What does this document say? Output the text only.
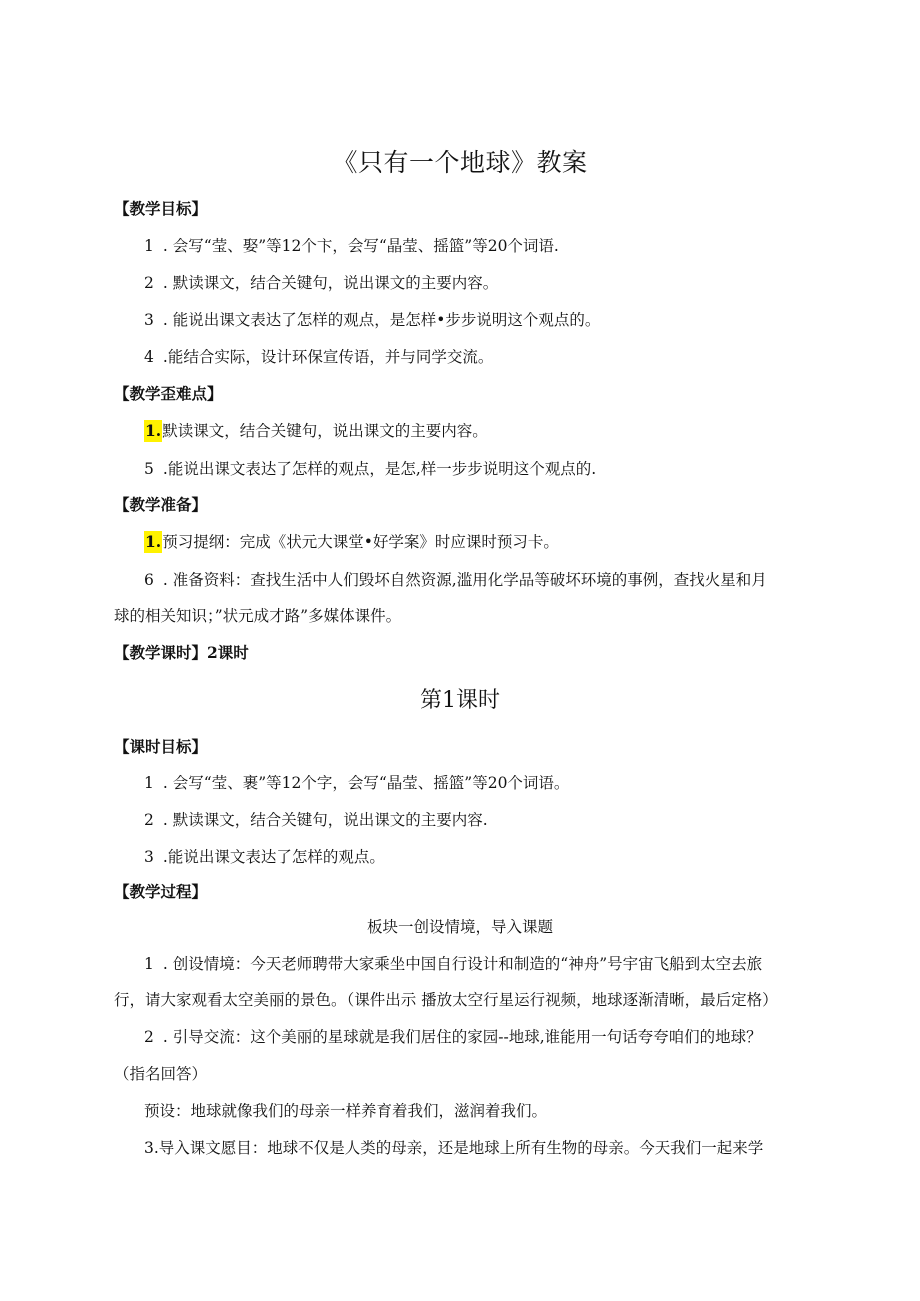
《只有一个地球》教案
【教学目标】
1 . 会写“莹、娶”等12个卞，会写“晶莹、摇篮”等20个词语.
2 . 默读课文，结合关键句，说出课文的主要内容。
3 . 能说出课文表达了怎样的观点，是怎样•步步说明这个观点的。
4 .能结合实际，设计环保宣传语，并与同学交流。
【教学歪难点】
1.默读课文，结合关键句，说出课文的主要内容。
5 .能说出课文表达了怎样的观点，是怎,样一步步说明这个观点的.
【教学准备】
1.预习提纲：完成《状元大课堂•好学案》时应课时预习卡。
6 . 准备资料：查找生活中人们毁坏自然资源,滥用化学品等破坏环境的事例，查找火星和月
球的相关知识；”状元成才路”多媒体课件。
【教学课时】2课时
第1课时
【课时目标】
1 . 会写“莹、裹”等12个字，会写“晶莹、摇篮”等20个词语。
2 . 默读课文，结合关键句，说出课文的主要内容.
3 .能说出课文表达了怎样的观点。
【教学过程】
板块一创设情境，导入课题
1 . 创设情境：今天老师聘带大家乘坐中国自行设计和制造的“神舟”号宇宙飞船到太空去旅
行，请大家观看太空美丽的景色。（课件出示 播放太空行星运行视频，地球逐渐清晰，最后定格）
2 . 引导交流：这个美丽的星球就是我们居住的家园--地球,谁能用一句话夸夸咱们的地球？
（指名回答）
预设：地球就像我们的母亲一样养育着我们，滋润着我们。
3.导入课文愿目：地球不仅是人类的母亲，还是地球上所有生物的母亲。今天我们一起来学
